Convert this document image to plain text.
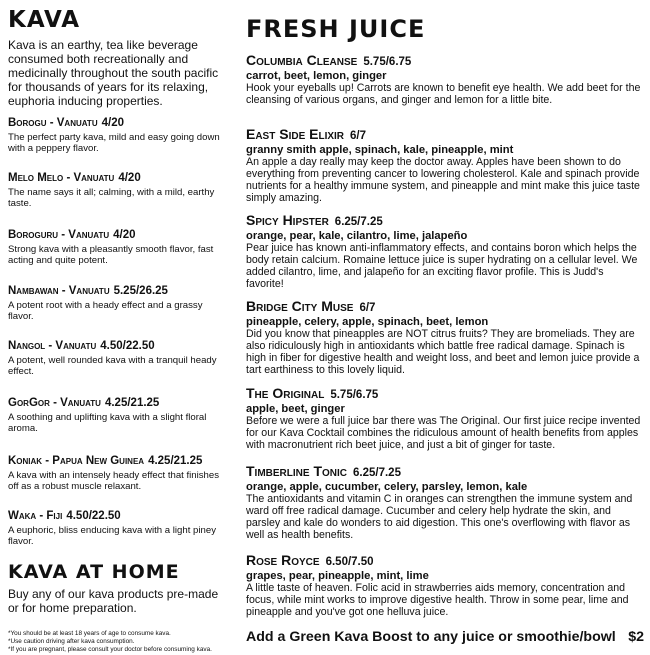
KAVA

Kava is an earthy, tea like beverage consumed both recreationally and medicinally throughout the south pacific for thousands of years for its relaxing, euphoria inducing properties.

Borogu - Vanuatu 4/20
The perfect party kava, mild and easy going down with a peppery flavor.
Melo Melo - Vanuatu 4/20
The name says it all; calming, with a mild, earthy taste.
Boroguru - Vanuatu 4/20
Strong kava with a pleasantly smooth flavor, fast acting and quite potent.
Nambawan - Vanuatu 5.25/26.25
A potent root with a heady effect and a grassy flavor.
Nangol - Vanuatu 4.50/22.50
A potent, well rounded kava with a tranquil heady effect.
GorGor - Vanuatu 4.25/21.25
A soothing and uplifting kava with a slight floral aroma.
Koniak - Papua New Guinea 4.25/21.25
A kava with an intensely heady effect that finishes off as a robust muscle relaxant.
Waka - Fiji 4.50/22.50
A euphoric, bliss enducing kava with a light piney flavor.
KAVA AT HOME
Buy any of our kava products pre-made or for home preparation.
*You should be at least 18 years of age to consume kava.
*Use caution driving after kava consumption.
*If you are pregnant, please consult your doctor before consuming kava.
FRESH JUICE
Columbia Cleanse 5.75/6.75
carrot, beet, lemon, ginger
Hook your eyeballs up! Carrots are known to benefit eye health. We add beet for the cleansing of various organs, and ginger and lemon for a little bite.
East Side Elixir 6/7
granny smith apple, spinach, kale, pineapple, mint
An apple a day really may keep the doctor away. Apples have been shown to do everything from preventing cancer to lowering cholesterol. Kale and spinach provide nutrients for a healthy immune system, and pineapple and mint make this juice taste simply amazing.
Spicy Hipster 6.25/7.25
orange, pear, kale, cilantro, lime, jalapeño
Pear juice has known anti-inflammatory effects, and contains boron which helps the body retain calcium. Romaine lettuce juice is super hydrating on a cellular level. We added cilantro, lime, and jalapeño for an exciting flavor profile. This is Judd's favorite!
Bridge City Muse 6/7
pineapple, celery, apple, spinach, beet, lemon
Did you know that pineapples are NOT citrus fruits? They are bromeliads. They are also ridiculously high in antioxidants which battle free radical damage. Spinach is high in fiber for digestive health and weight loss, and beet and lemon juice provide a tart earthiness to this lovely liquid.
The Original 5.75/6.75
apple, beet, ginger
Before we were a full juice bar there was The Original. Our first juice recipe invented for our Kava Cocktail combines the ridiculous amount of health benefits from apples with macronutrient rich beet juice, and just a bit of ginger for taste.
Timberline Tonic 6.25/7.25
orange, apple, cucumber, celery, parsley, lemon, kale
The antioxidants and vitamin C in oranges can strengthen the immune system and ward off free radical damage. Cucumber and celery help hydrate the skin, and parsley and kale do wonders to aid digestion. This one's overflowing with flavor as well as health benefits.
Rose Royce 6.50/7.50
grapes, pear, pineapple, mint, lime
A little taste of heaven. Folic acid in strawberries aids memory, concentration and focus, while mint works to improve digestive health. Throw in some pear, lime and pineapple and you've got one helluva juice.
Add a Green Kava Boost to any juice or smoothie/bowl $2
